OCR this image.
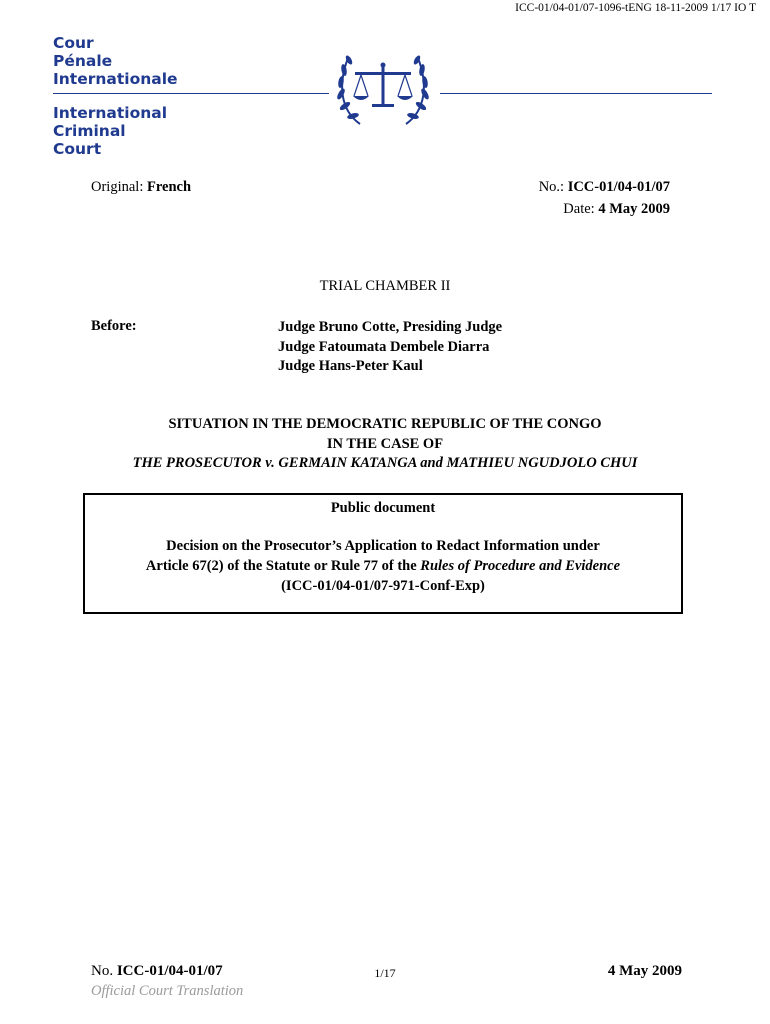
ICC-01/04-01/07-1096-tENG 18-11-2009 1/17 IO T
Cour
Pénale
Internationale
International
Criminal
Court
Original: French	No.: ICC-01/04-01/07
Date: 4 May 2009
TRIAL CHAMBER II
Before:	Judge Bruno Cotte, Presiding Judge
Judge Fatoumata Dembele Diarra
Judge Hans-Peter Kaul
SITUATION IN THE DEMOCRATIC REPUBLIC OF THE CONGO
IN THE CASE OF
THE PROSECUTOR v. GERMAIN KATANGA and MATHIEU NGUDJOLO CHUI
Public document
Decision on the Prosecutor’s Application to Redact Information under
Article 67(2) of the Statute or Rule 77 of the Rules of Procedure and Evidence
(ICC-01/04-01/07-971-Conf-Exp)
No. ICC-01/04-01/07	1/17	4 May 2009
Official Court Translation
